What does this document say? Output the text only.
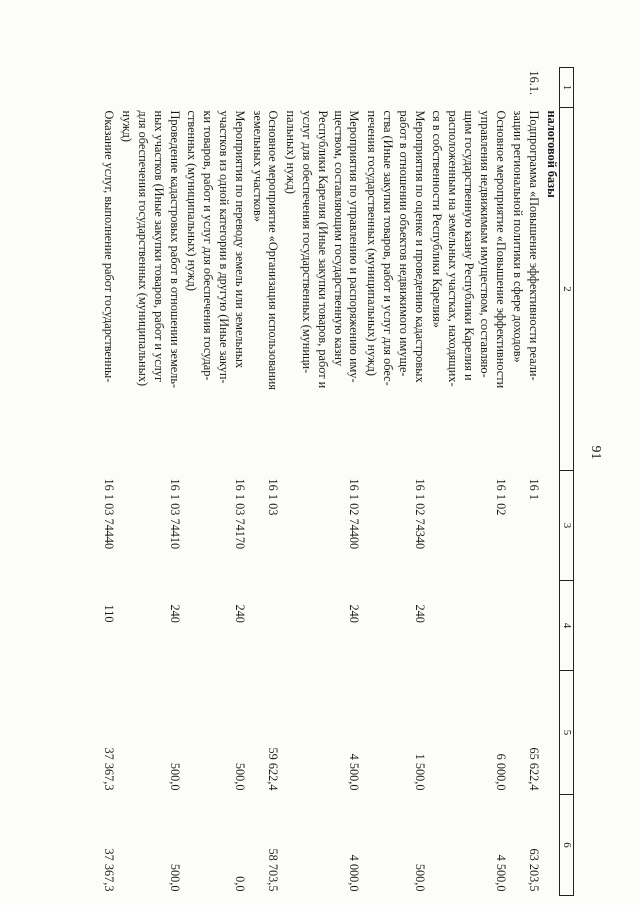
91
1	2	3	4	5	6
	налоговой базы				
16.1.	Подпрограмма «Повышение эффективности реали-
зации региональной политики в сфере доходов»	16 1		65 622,4	63 203,5
	Основное мероприятие «Повышение эффективности
управления недвижимым имуществом, составляю-
щим государственную казну Республики Карелия и
расположенным на земельных участках, находящих-
ся в собственности Республики Карелия»	16 1 02		6 000,0	4 500,0
	Мероприятия по оценке и проведению кадастровых
работ в отношении объектов недвижимого имуще-
ства (Иные закупки товаров, работ и услуг для обес-
печения государственных (муниципальных) нужд)	16 1 02 74340	240	1 500,0	500,0
	Мероприятия по управлению и распоряжению иму-
ществом, составляющим государственную казну
Республики Карелия (Иные закупки товаров, работ и
услуг для обеспечения государственных (муници-
пальных) нужд)	16 1 02 74400	240	4 500,0	4 000,0
	Основное мероприятие «Организация использования
земельных участков»	16 1 03		59 622,4	58 703,5
	Мероприятия по переводу земель или земельных
участков из одной категории в другую (Иные закуп-
ки товаров, работ и услуг для обеспечения государ-
ственных (муниципальных) нужд)	16 1 03 74170	240	500,0	0,0
	Проведение кадастровых работ в отношении земель-
ных участков (Иные закупки товаров, работ и услуг
для обеспечения государственных (муниципальных)
нужд)	16 1 03 74410	240	500,0	500,0
	Оказание услуг, выполнение работ государственны-	16 1 03 74440	110	37 367,3	37 367,3
